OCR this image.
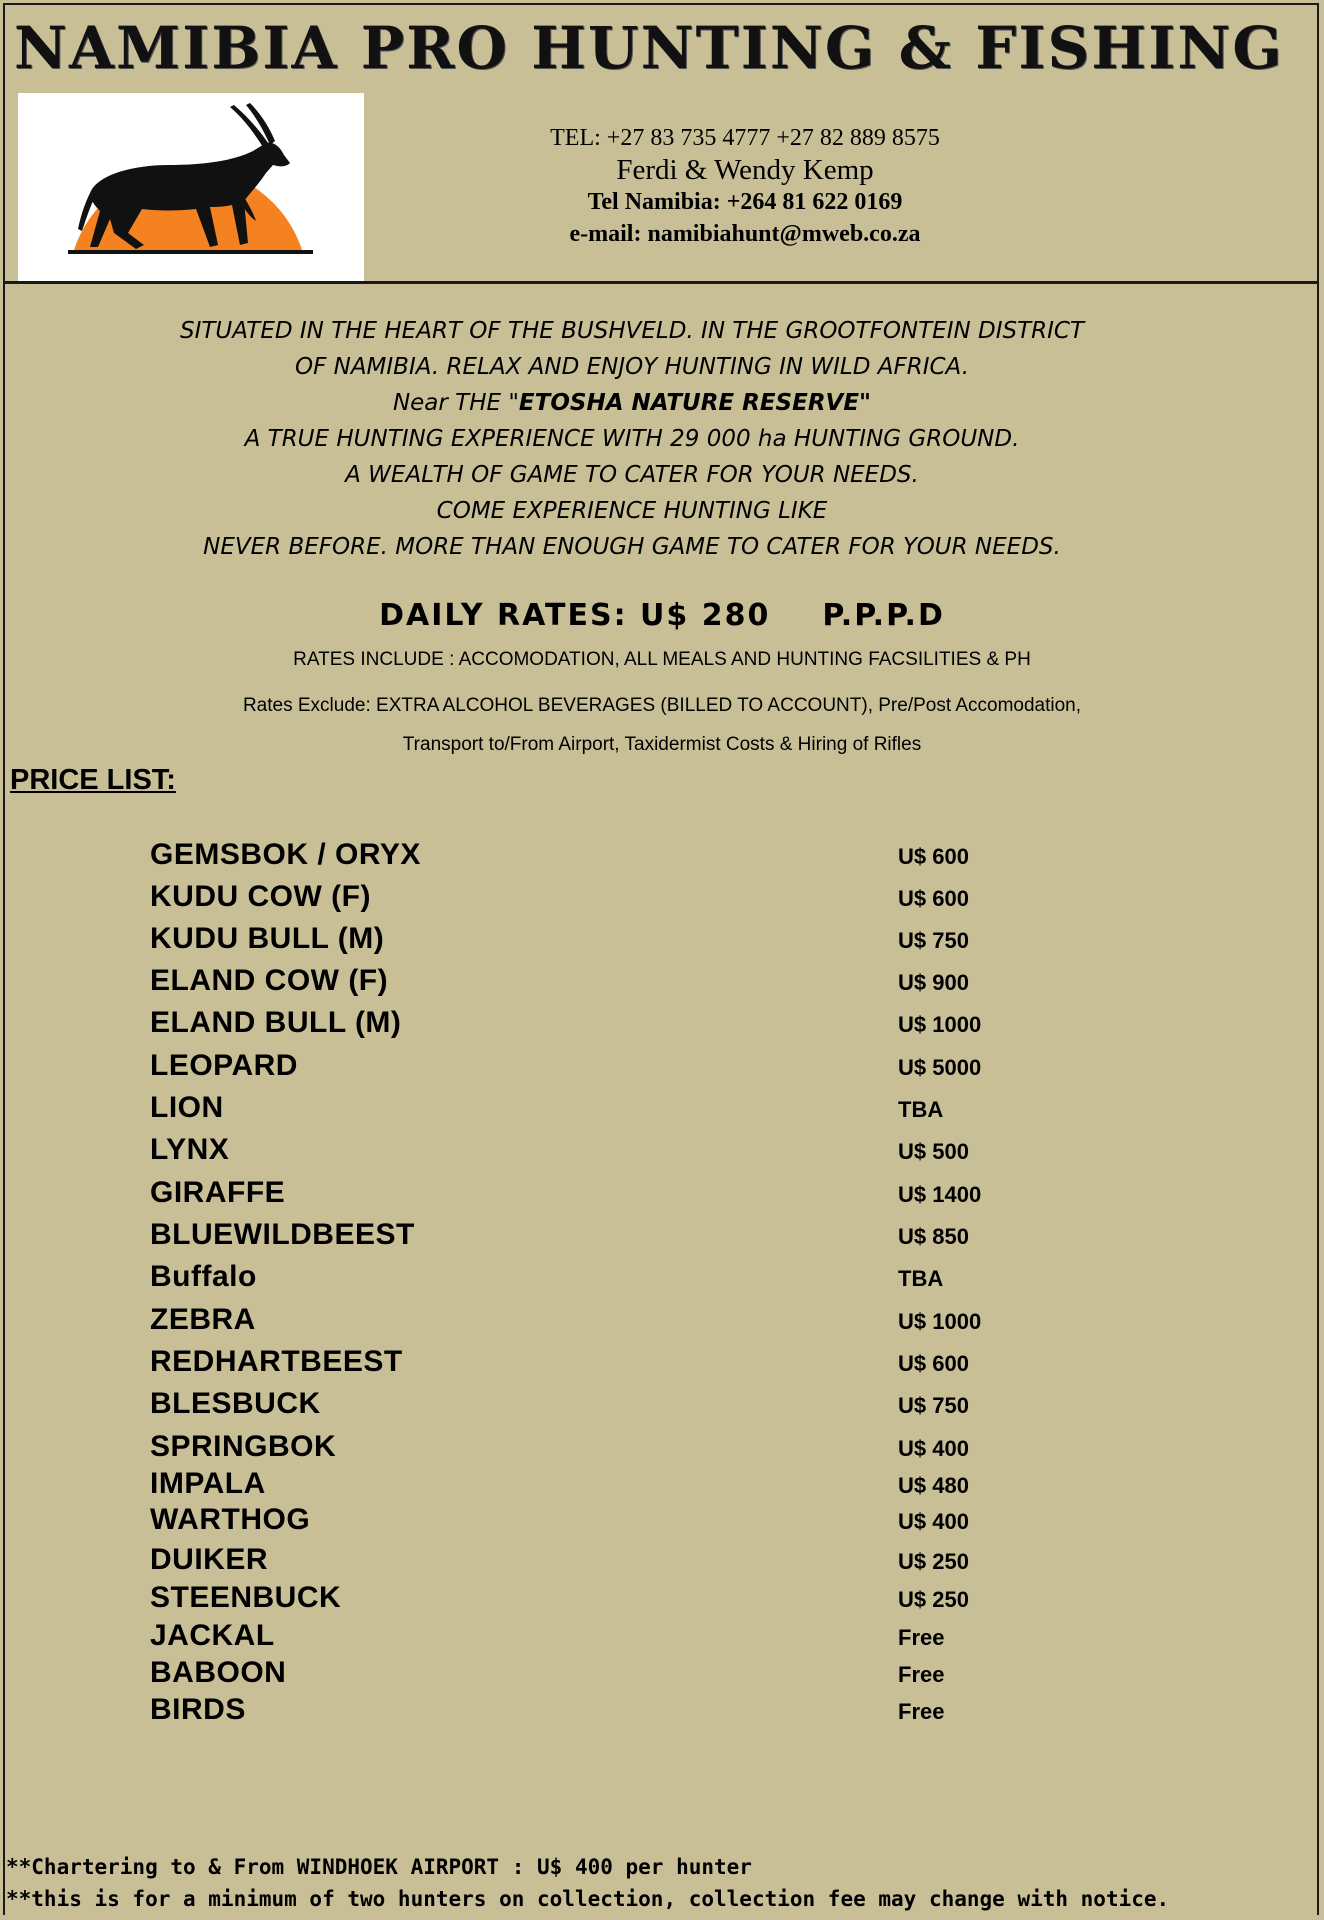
NAMIBIA PRO HUNTING & FISHING
TEL: +27 83 735 4777 +27 82 889 8575
Ferdi & Wendy Kemp
Tel Namibia: +264 81 622 0169
e-mail: namibiahunt@mweb.co.za
SITUATED IN THE HEART OF THE BUSHVELD. IN THE GROOTFONTEIN DISTRICT
OF NAMIBIA. RELAX AND ENJOY HUNTING IN WILD AFRICA.
Near THE "ETOSHA NATURE RESERVE"
A TRUE HUNTING EXPERIENCE WITH 29 000 ha HUNTING GROUND.
A WEALTH OF GAME TO CATER FOR YOUR NEEDS.
COME EXPERIENCE HUNTING LIKE
NEVER BEFORE. MORE THAN ENOUGH GAME TO CATER FOR YOUR NEEDS.
DAILY RATES: U$ 280 P.P.P.D
RATES INCLUDE : ACCOMODATION, ALL MEALS AND HUNTING FACSILITIES & PH
Rates Exclude: EXTRA ALCOHOL BEVERAGES (BILLED TO ACCOUNT), Pre/Post Accomodation,
Transport to/From Airport, Taxidermist Costs & Hiring of Rifles
PRICE LIST:
GEMSBOK / ORYX	U$ 600
KUDU COW (F)	U$ 600
KUDU BULL (M)	U$ 750
ELAND COW (F)	U$ 900
ELAND BULL (M)	U$ 1000
LEOPARD	U$ 5000
LION	TBA
LYNX	U$ 500
GIRAFFE	U$ 1400
BLUEWILDBEEST	U$ 850
Buffalo	TBA
ZEBRA	U$ 1000
REDHARTBEEST	U$ 600
BLESBUCK	U$ 750
SPRINGBOK	U$ 400
IMPALA	U$ 480
WARTHOG	U$ 400
DUIKER	U$ 250
STEENBUCK	U$ 250
JACKAL	Free
BABOON	Free
BIRDS	Free
**Chartering to & From WINDHOEK AIRPORT : U$ 400 per hunter
**this is for a minimum of two hunters on collection, collection fee may change with notice.
